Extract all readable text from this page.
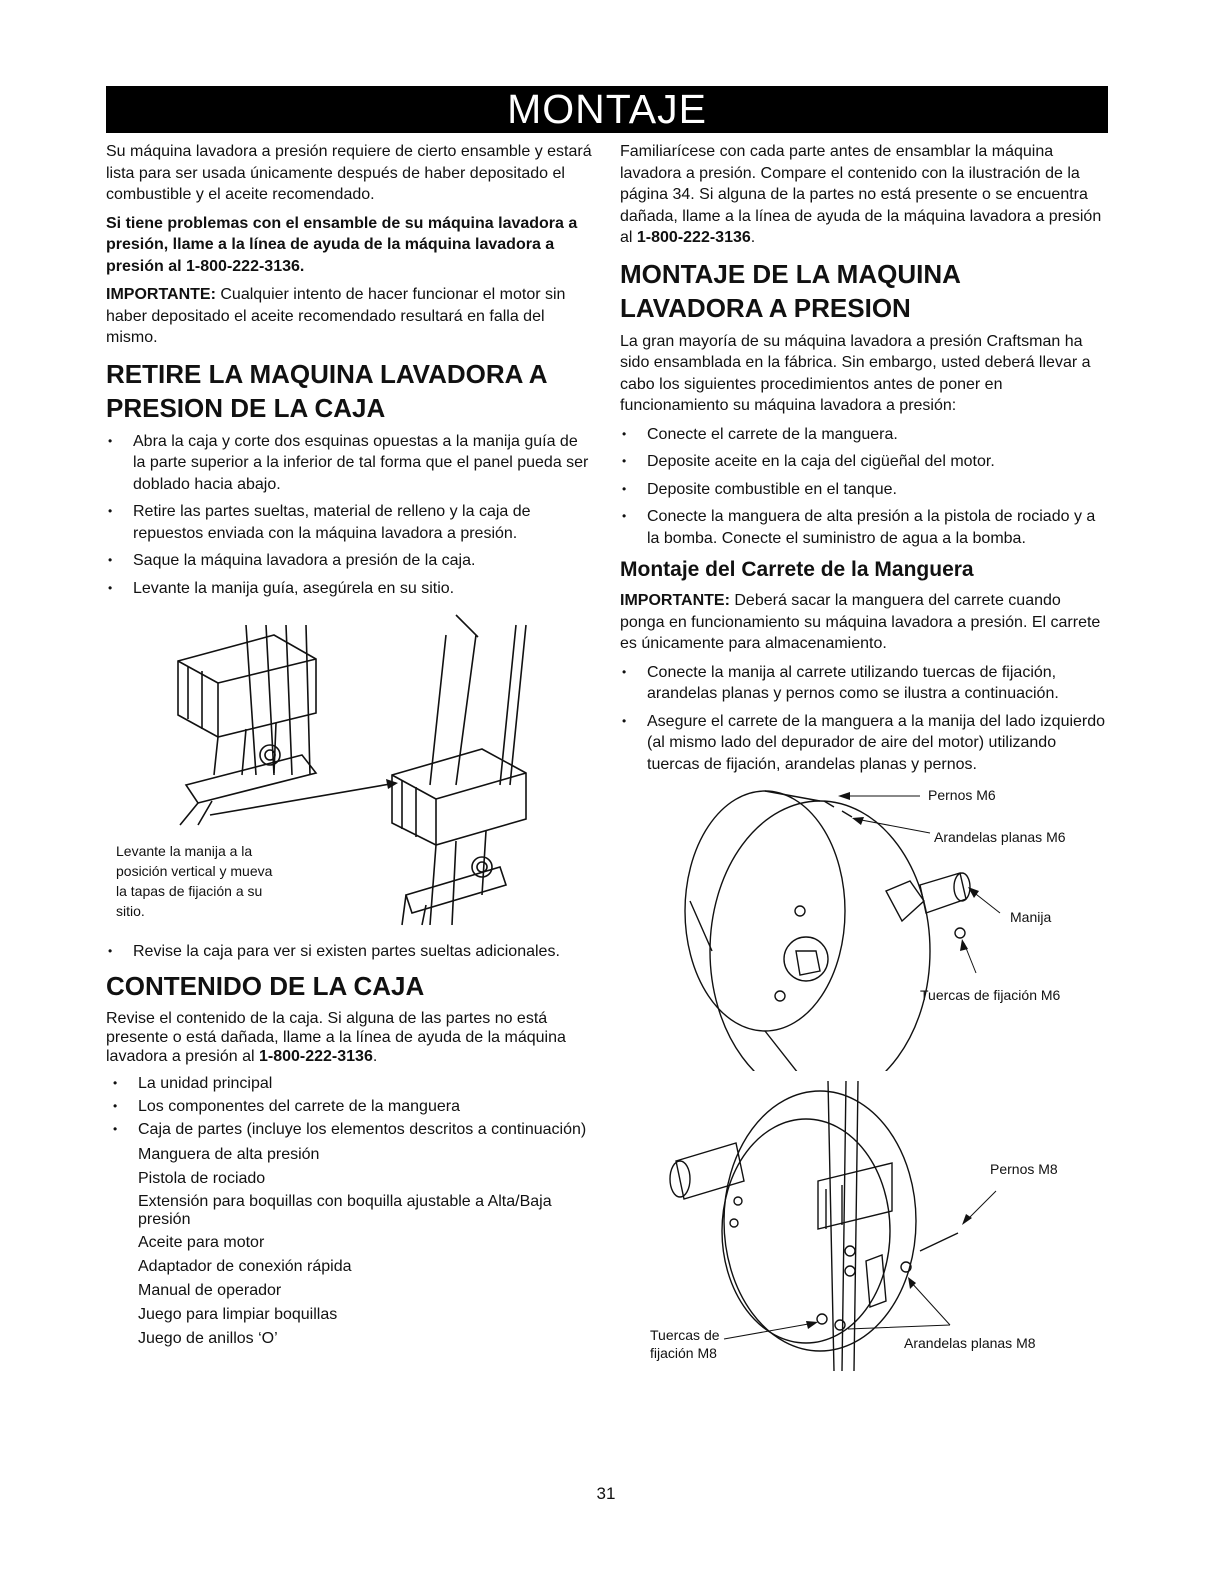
MONTAJE

Su máquina lavadora a presión requiere de cierto ensamble y estará lista para ser usada únicamente después de haber depositado el combustible y el aceite recomendado.

Si tiene problemas con el ensamble de su máquina lavadora a presión, llame a la línea de ayuda de la máquina lavadora a presión al 1-800-222-3136.

IMPORTANTE: Cualquier intento de hacer funcionar el motor sin haber depositado el aceite recomendado resultará en falla del mismo.

RETIRE LA MAQUINA LAVADORA A PRESION DE LA CAJA
• Abra la caja y corte dos esquinas opuestas a la manija guía de la parte superior a la inferior de tal forma que el panel pueda ser doblado hacia abajo.
• Retire las partes sueltas, material de relleno y la caja de repuestos enviada con la máquina lavadora a presión.
• Saque la máquina lavadora a presión de la caja.
• Levante la manija guía, asegúrela en su sitio.
Levante la manija a la posición vertical y mueva la tapas de fijación a su sitio.
• Revise la caja para ver si existen partes sueltas adicionales.
CONTENIDO DE LA CAJA

Revise el contenido de la caja. Si alguna de las partes no está presente o está dañada, llame a la línea de ayuda de la máquina lavadora a presión al 1-800-222-3136.

• La unidad principal
• Los componentes del carrete de la manguera
• Caja de partes (incluye los elementos descritos a continuación)
Manguera de alta presión
Pistola de rociado
Extensión para boquillas con boquilla ajustable a Alta/Baja presión
Aceite para motor
Adaptador de conexión rápida
Manual de operador
Juego para limpiar boquillas
Juego de anillos ‘O’

Familiarícese con cada parte antes de ensamblar la máquina lavadora a presión. Compare el contenido con la ilustración de la página 34. Si alguna de la partes no está presente o se encuentra dañada, llame a la línea de ayuda de la máquina lavadora a presión al 1-800-222-3136.

MONTAJE DE LA MAQUINA LAVADORA A PRESION

La gran mayoría de su máquina lavadora a presión Craftsman ha sido ensamblada en la fábrica. Sin embargo, usted deberá llevar a cabo los siguientes procedimientos antes de poner en funcionamiento su máquina lavadora a presión:

• Conecte el carrete de la manguera.
• Deposite aceite en la caja del cigüeñal del motor.
• Deposite combustible en el tanque.
• Conecte la manguera de alta presión a la pistola de rociado y a la bomba. Conecte el suministro de agua a la bomba.
Montaje del Carrete de la Manguera

IMPORTANTE: Deberá sacar la manguera del carrete cuando ponga en funcionamiento su máquina lavadora a presión. El carrete es únicamente para almacenamiento.

• Conecte la manija al carrete utilizando tuercas de fijación, arandelas planas y pernos como se ilustra a continuación.
• Asegure el carrete de la manguera a la manija del lado izquierdo (al mismo lado del depurador de aire del motor) utilizando tuercas de fijación, arandelas planas y pernos.
Pernos M6
Arandelas planas M6
Manija
Tuercas de fijación M6
Pernos M8
Tuercas de
fijación M8
Arandelas planas M8
31
